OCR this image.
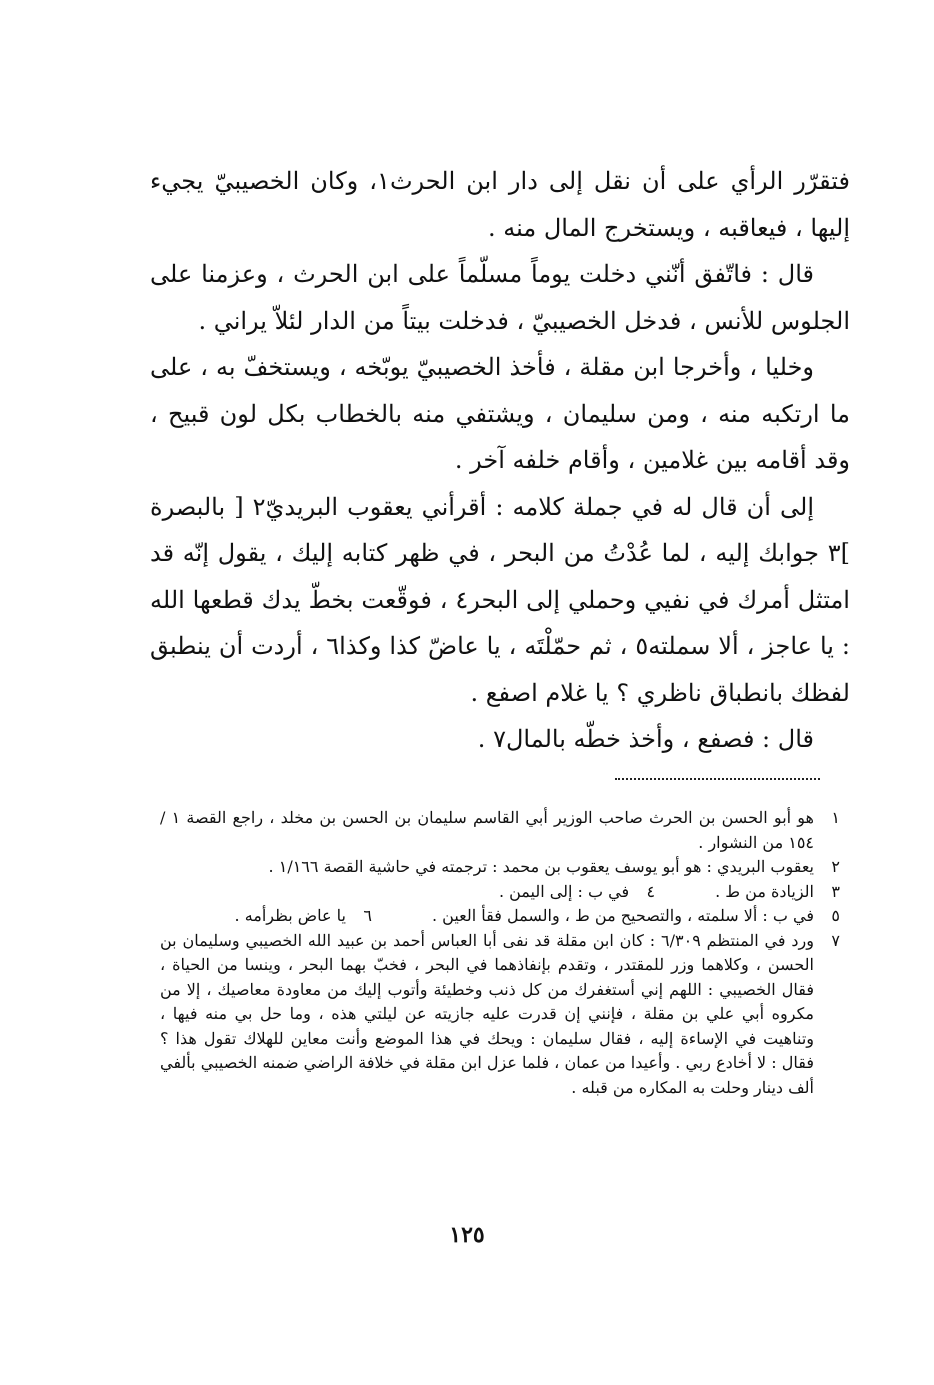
فتقرّر الرأي على أن نقل إلى دار ابن الحرث١، وكان الخصيبيّ يجيء إليها ، فيعاقبه ، ويستخرج المال منه .

قال : فاتّفق أنّني دخلت يوماً مسلّماً على ابن الحرث ، وعزمنا على الجلوس للأنس ، فدخل الخصيبيّ ، فدخلت بيتاً من الدار لئلاّ يراني .

وخليا ، وأخرجا ابن مقلة ، فأخذ الخصيبيّ يوبّخه ، ويستخفّ به ، على ما ارتكبه منه ، ومن سليمان ، ويشتفي منه بالخطاب بكل لون قبيح ، وقد أقامه بين غلامين ، وأقام خلفه آخر .

إلى أن قال له في جملة كلامه : أقرأني يعقوب البريديّ٢ [ بالبصرة ]٣ جوابك إليه ، لما عُدْتُ من البحر ، في ظهر كتابه إليك ، يقول إنّه قد امتثل أمرك في نفيي وحملي إلى البحر٤ ، فوقّعت بخطّ يدك قطعها الله : يا عاجز ، ألا سملته٥ ، ثم حمّلْتَه ، يا عاضّ كذا وكذا٦ ، أردت أن ينطبق لفظك بانطباق ناظري ؟ يا غلام اصفع .

قال : فصفع ، وأخذ خطّه بالمال٧ .

١
هو أبو الحسن بن الحرث صاحب الوزير أبي القاسم سليمان بن الحسن بن مخلد ، راجع القصة ١ / ١٥٤ من النشوار .

٢
يعقوب البريدي : هو أبو يوسف يعقوب بن محمد : ترجمته في حاشية القصة ١/١٦٦ .

٣
الزيادة من ط .

٤
في ب : إلى اليمن .

٥
في ب : ألا سلمته ، والتصحيح من ط ، والسمل فقأ العين .

٦
يا عاض بظرأمه .

٧
ورد في المنتظم ٦/٣٠٩ : كان ابن مقلة قد نفى أبا العباس أحمد بن عبيد الله الخصيبي وسليمان بن الحسن ، وكلاهما وزر للمقتدر ، وتقدم بإنفاذهما في البحر ، فخبّ بهما البحر ، وينسا من الحياة ، فقال الخصيبي : اللهم إني أستغفرك من كل ذنب وخطيئة وأتوب إليك من معاودة معاصيك ، إلا من مكروه أبي علي بن مقلة ، فإنني إن قدرت عليه جازيته عن ليلتي هذه ، وما حل بي منه فيها ، وتناهيت في الإساءة إليه ، فقال سليمان : ويحك في هذا الموضع وأنت معاين للهلاك تقول هذا ؟ فقال : لا أخادع ربي . وأعيدا من عمان ، فلما عزل ابن مقلة في خلافة الراضي ضمنه الخصيبي بألفي ألف دينار وحلت به المكاره من قبله .

١٢٥
